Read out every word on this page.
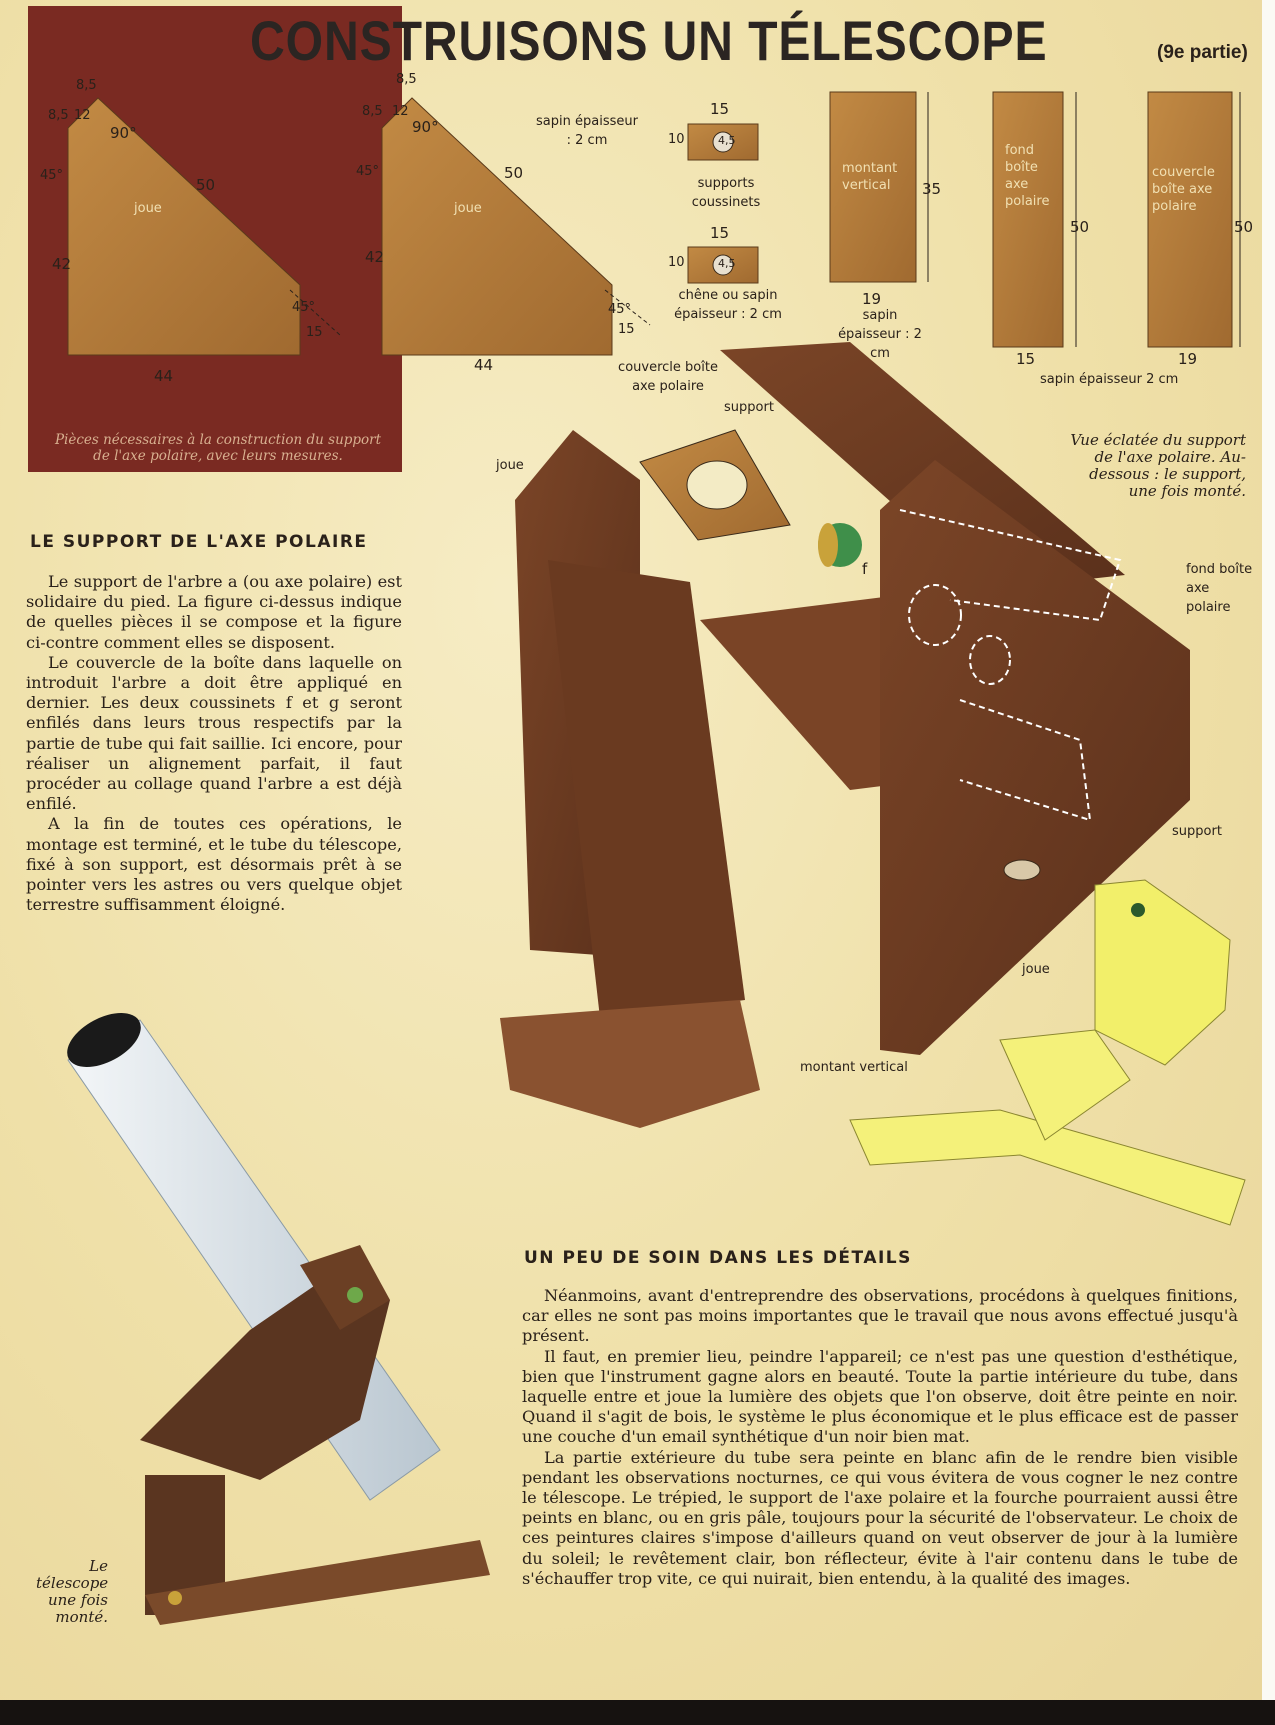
CONSTRUISONS UN TÉLESCOPE	(9e partie)
joue
90°
45°
45°
8,5
8,5 12
50
42
44
15
joue
90°
45°
45°
8,5
8,5 12
50
42
44
15

Pièces nécessaires à la construction du support de l'axe polaire, avec leurs mesures.

sapin épaisseur : 2 cm
15
10	4,5
supports coussinets
15
10	4,5
chêne ou sapin épaisseur : 2 cm
montant vertical	35
19
sapin épaisseur : 2 cm
fond boîte axe polaire
50
15
couvercle boîte axe polaire
50
19
sapin épaisseur 2 cm
couvercle boîte axe polaire
support
joue
f	fond boîte axe polaire
support
joue
montant vertical

Vue éclatée du support de l'axe polaire. Au-dessous : le support, une fois monté.

LE SUPPORT DE L'AXE POLAIRE

Le support de l'arbre a (ou axe polaire) est solidaire du pied. La figure ci-dessus indique de quelles pièces il se compose et la figure ci-contre comment elles se disposent.

Le couvercle de la boîte dans laquelle on introduit l'arbre a doit être appliqué en dernier. Les deux coussinets f et g seront enfilés dans leurs trous respectifs par la partie de tube qui fait saillie. Ici encore, pour réaliser un alignement parfait, il faut procéder au collage quand l'arbre a est déjà enfilé.

A la fin de toutes ces opérations, le montage est terminé, et le tube du télescope, fixé à son support, est désormais prêt à se pointer vers les astres ou vers quelque objet terrestre suffisamment éloigné.

UN PEU DE SOIN DANS LES DÉTAILS

Néanmoins, avant d'entreprendre des observations, procédons à quelques finitions, car elles ne sont pas moins importantes que le travail que nous avons effectué jusqu'à présent.

Il faut, en premier lieu, peindre l'appareil; ce n'est pas une question d'esthétique, bien que l'instrument gagne alors en beauté. Toute la partie intérieure du tube, dans laquelle entre et joue la lumière des objets que l'on observe, doit être peinte en noir. Quand il s'agit de bois, le système le plus économique et le plus efficace est de passer une couche d'un email synthétique d'un noir bien mat.

La partie extérieure du tube sera peinte en blanc afin de le rendre bien visible pendant les observations nocturnes, ce qui vous évitera de vous cogner le nez contre le télescope. Le trépied, le support de l'axe polaire et la fourche pourraient aussi être peints en blanc, ou en gris pâle, toujours pour la sécurité de l'observateur. Le choix de ces peintures claires s'impose d'ailleurs quand on veut observer de jour à la lumière du soleil; le revêtement clair, bon réflecteur, évite à l'air contenu dans le tube de s'échauffer trop vite, ce qui nuirait, bien entendu, à la qualité des images.

Le télescope une fois monté.
